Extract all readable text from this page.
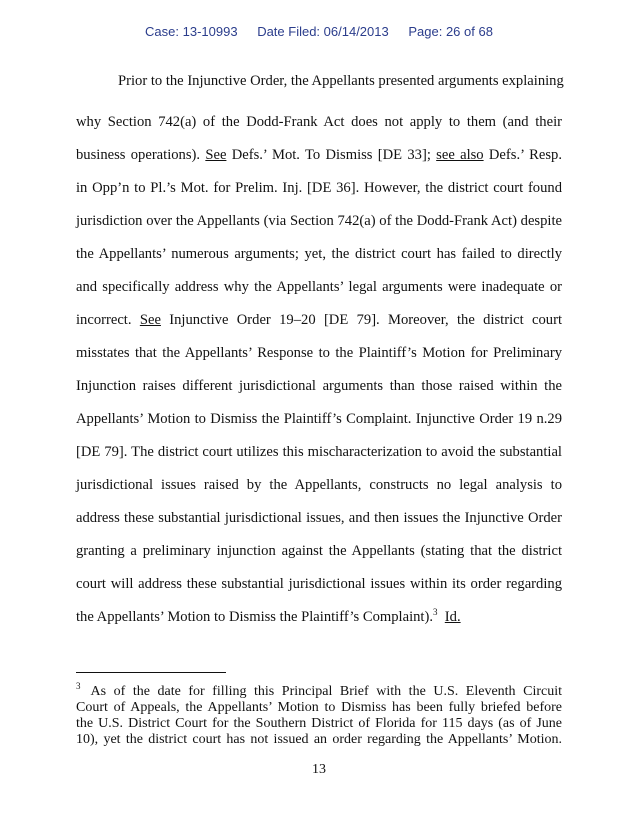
Case: 13-10993 Date Filed: 06/14/2013 Page: 26 of 68
Prior to the Injunctive Order, the Appellants presented arguments explaining
why Section 742(a) of the Dodd-Frank Act does not apply to them (and their
business operations). See Defs.’ Mot. To Dismiss [DE 33]; see also Defs.’ Resp.
in Opp’n to Pl.’s Mot. for Prelim. Inj. [DE 36]. However, the district court found
jurisdiction over the Appellants (via Section 742(a) of the Dodd-Frank Act) despite
the Appellants’ numerous arguments; yet, the district court has failed to directly
and specifically address why the Appellants’ legal arguments were inadequate or
incorrect. See Injunctive Order 19–20 [DE 79]. Moreover, the district court
misstates that the Appellants’ Response to the Plaintiff’s Motion for Preliminary
Injunction raises different jurisdictional arguments than those raised within the
Appellants’ Motion to Dismiss the Plaintiff’s Complaint. Injunctive Order 19 n.29
[DE 79]. The district court utilizes this mischaracterization to avoid the substantial
jurisdictional issues raised by the Appellants, constructs no legal analysis to
address these substantial jurisdictional issues, and then issues the Injunctive Order
granting a preliminary injunction against the Appellants (stating that the district
court will address these substantial jurisdictional issues within its order regarding
the Appellants’ Motion to Dismiss the Plaintiff’s Complaint).$^3$ Id.
$^3$ As of the date for filling this Principal Brief with the U.S. Eleventh Circuit
Court of Appeals, the Appellants’ Motion to Dismiss has been fully briefed before
the U.S. District Court for the Southern District of Florida for 115 days (as of June
10), yet the district court has not issued an order regarding the Appellants’ Motion.
13
